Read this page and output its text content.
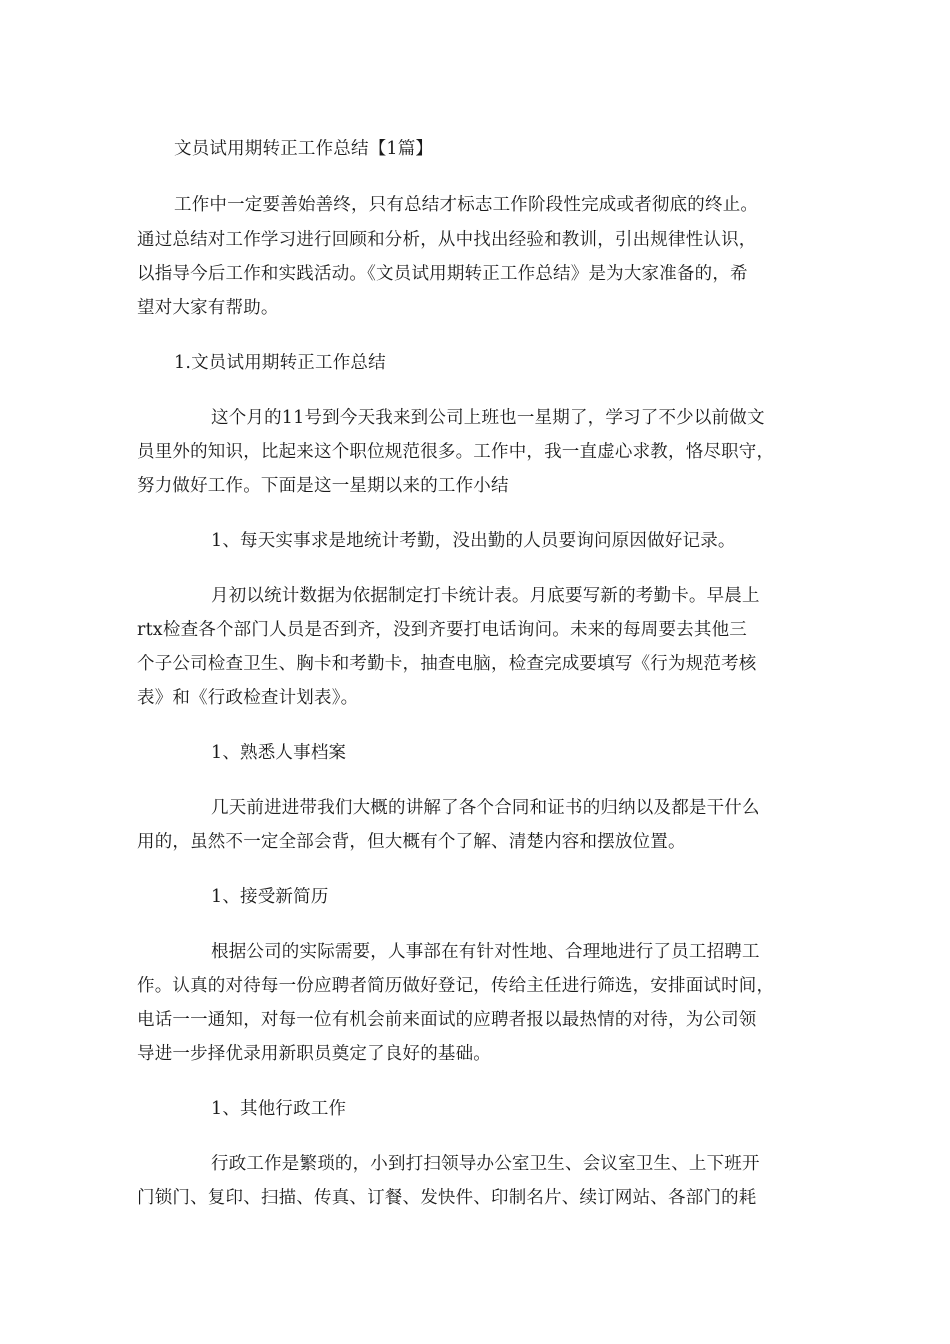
文员试用期转正工作总结【1篇】
工作中一定要善始善终，只有总结才标志工作阶段性完成或者彻底的终止。
通过总结对工作学习进行回顾和分析，从中找出经验和教训，引出规律性认识，
以指导今后工作和实践活动。《文员试用期转正工作总结》是为大家准备的，希
望对大家有帮助。
1.文员试用期转正工作总结
这个月的11号到今天我来到公司上班也一星期了，学习了不少以前做文
员里外的知识，比起来这个职位规范很多。工作中，我一直虚心求教，恪尽职守，
努力做好工作。下面是这一星期以来的工作小结
1、每天实事求是地统计考勤，没出勤的人员要询问原因做好记录。
月初以统计数据为依据制定打卡统计表。月底要写新的考勤卡。早晨上
rtx检查各个部门人员是否到齐，没到齐要打电话询问。未来的每周要去其他三
个子公司检查卫生、胸卡和考勤卡，抽查电脑，检查完成要填写《行为规范考核
表》和《行政检查计划表》。
1、熟悉人事档案
几天前进进带我们大概的讲解了各个合同和证书的归纳以及都是干什么
用的，虽然不一定全部会背，但大概有个了解、清楚内容和摆放位置。
1、接受新简历
根据公司的实际需要，人事部在有针对性地、合理地进行了员工招聘工
作。认真的对待每一份应聘者简历做好登记，传给主任进行筛选，安排面试时间，
电话一一通知，对每一位有机会前来面试的应聘者报以最热情的对待，为公司领
导进一步择优录用新职员奠定了良好的基础。
1、其他行政工作
行政工作是繁琐的，小到打扫领导办公室卫生、会议室卫生、上下班开
门锁门、复印、扫描、传真、订餐、发快件、印制名片、续订网站、各部门的耗
